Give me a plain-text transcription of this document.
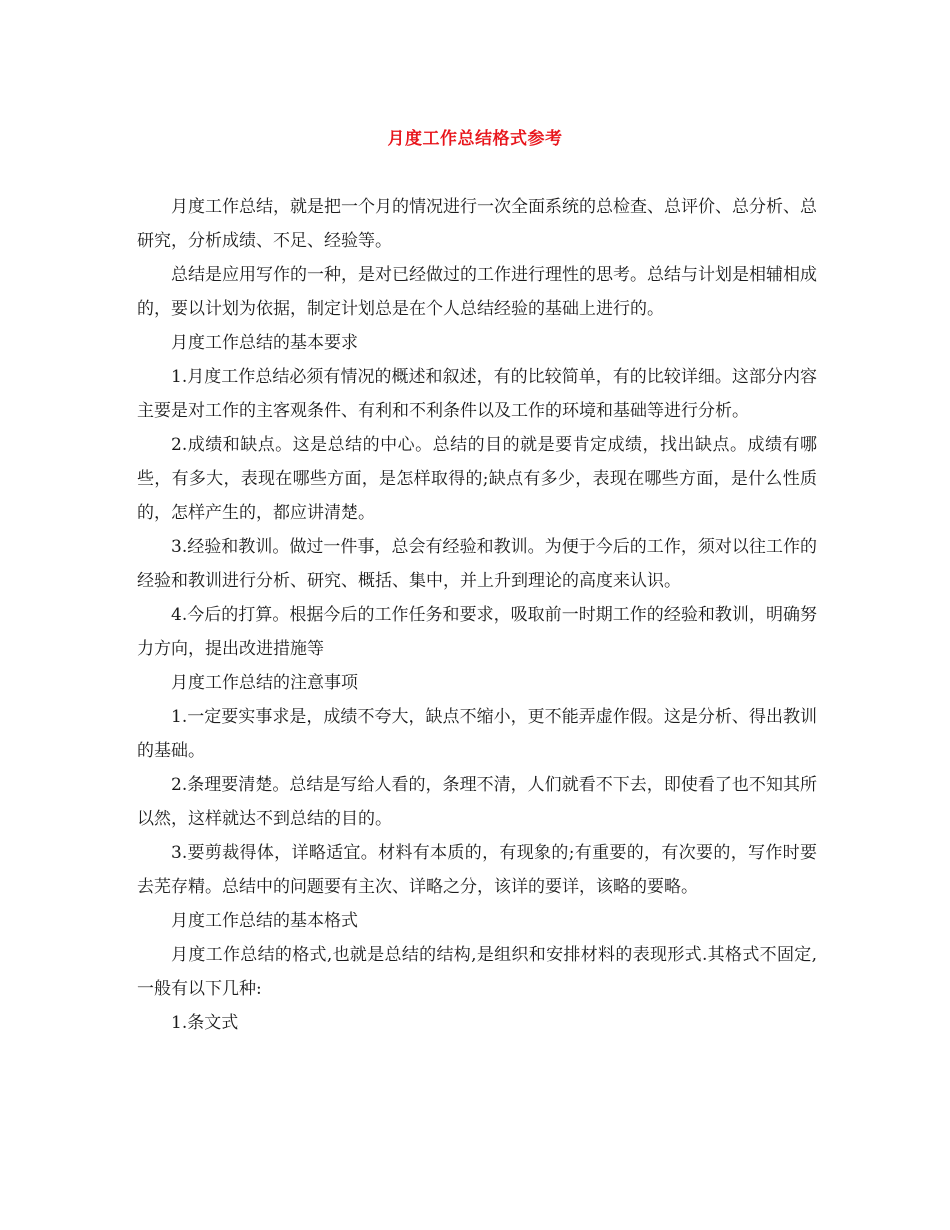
月度工作总结格式参考

月度工作总结，就是把一个月的情况进行一次全面系统的总检查、总评价、总分析、总研究，分析成绩、不足、经验等。

总结是应用写作的一种，是对已经做过的工作进行理性的思考。总结与计划是相辅相成的，要以计划为依据，制定计划总是在个人总结经验的基础上进行的。

月度工作总结的基本要求

1.月度工作总结必须有情况的概述和叙述，有的比较简单，有的比较详细。这部分内容主要是对工作的主客观条件、有利和不利条件以及工作的环境和基础等进行分析。

2.成绩和缺点。这是总结的中心。总结的目的就是要肯定成绩，找出缺点。成绩有哪些，有多大，表现在哪些方面，是怎样取得的;缺点有多少，表现在哪些方面，是什么性质的，怎样产生的，都应讲清楚。

3.经验和教训。做过一件事，总会有经验和教训。为便于今后的工作，须对以往工作的经验和教训进行分析、研究、概括、集中，并上升到理论的高度来认识。

4.今后的打算。根据今后的工作任务和要求，吸取前一时期工作的经验和教训，明确努力方向，提出改进措施等

月度工作总结的注意事项

1.一定要实事求是，成绩不夸大，缺点不缩小，更不能弄虚作假。这是分析、得出教训的基础。

2.条理要清楚。总结是写给人看的，条理不清，人们就看不下去，即使看了也不知其所以然，这样就达不到总结的目的。

3.要剪裁得体，详略适宜。材料有本质的，有现象的;有重要的，有次要的，写作时要去芜存精。总结中的问题要有主次、详略之分，该详的要详，该略的要略。

月度工作总结的基本格式

月度工作总结的格式,也就是总结的结构,是组织和安排材料的表现形式.其格式不固定,一般有以下几种:

1.条文式
